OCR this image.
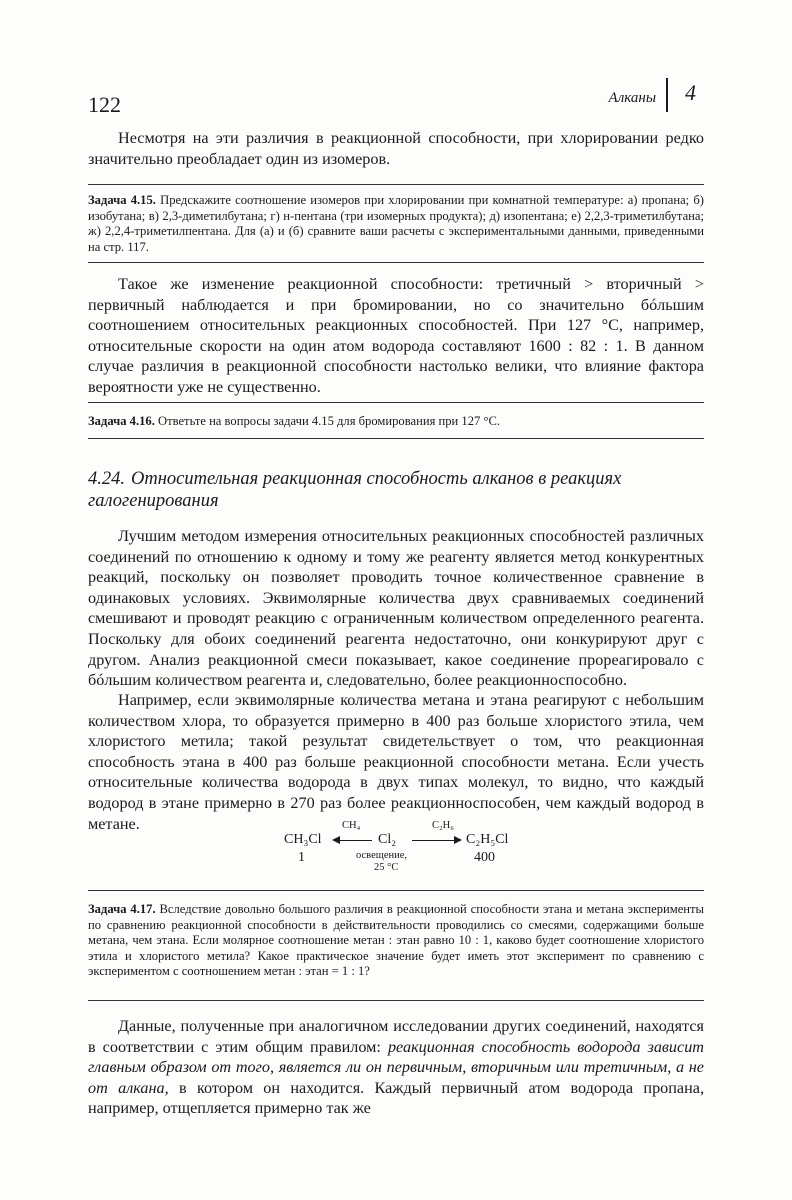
122	Алканы 4

Несмотря на эти различия в реакционной способности, при хлорировании редко значительно преобладает один из изомеров.

Задача 4.15. Предскажите соотношение изомеров при хлорировании при комнатной температуре: а) пропана; б) изобутана; в) 2,3-диметилбутана; г) н-пентана (три изомерных продукта); д) изопентана; е) 2,2,3-триметилбутана; ж) 2,2,4-триметилпентана. Для (а) и (б) сравните ваши расчеты с экспериментальными данными, приведенными на стр. 117.

Такое же изменение реакционной способности: третичный > вторичный > первичный наблюдается и при бромировании, но со значительно бóльшим соотношением относительных реакционных способностей. При 127 °С, например, относительные скорости на один атом водорода составляют 1600 : 82 : 1. В данном случае различия в реакционной способности настолько велики, что влияние фактора вероятности уже не существенно.

Задача 4.16. Ответьте на вопросы задачи 4.15 для бромирования при 127 °С.

4.24. Относительная реакционная способность алканов в реакциях галогенирования

Лучшим методом измерения относительных реакционных способностей различных соединений по отношению к одному и тому же реагенту является метод конкурентных реакций, поскольку он позволяет проводить точное количественное сравнение в одинаковых условиях. Эквимолярные количества двух сравниваемых соединений смешивают и проводят реакцию с ограниченным количеством определенного реагента. Поскольку для обоих соединений реагента недостаточно, они конкурируют друг с другом. Анализ реакционной смеси показывает, какое соединение прореагировало с бóльшим количеством реагента и, следовательно, более реакционноспособно.

Например, если эквимолярные количества метана и этана реагируют с небольшим количеством хлора, то образуется примерно в 400 раз больше хлористого этила, чем хлористого метила; такой результат свидетельствует о том, что реакционная способность этана в 400 раз больше реакционной способности метана. Если учесть относительные количества водорода в двух типах молекул, то видно, что каждый водород в этане примерно в 270 раз более реакционноспособен, чем каждый водород в метане.

CH₃Cl
CH₄
Cl₂
C₂H₆
C₂H₅Cl
1	освещение,
25 °C
400

Задача 4.17. Вследствие довольно большого различия в реакционной способности этана и метана эксперименты по сравнению реакционной способности в действительности проводились со смесями, содержащими больше метана, чем этана. Если молярное соотношение метан : этан равно 10 : 1, каково будет соотношение хлористого этила и хлористого метила? Какое практическое значение будет иметь этот эксперимент по сравнению с экспериментом с соотношением метан : этан = 1 : 1?

Данные, полученные при аналогичном исследовании других соединений, находятся в соответствии с этим общим правилом: реакционная способность водорода зависит главным образом от того, является ли он первичным, вторичным или третичным, а не от алкана, в котором он находится. Каждый первичный атом водорода пропана, например, отщепляется примерно так же
